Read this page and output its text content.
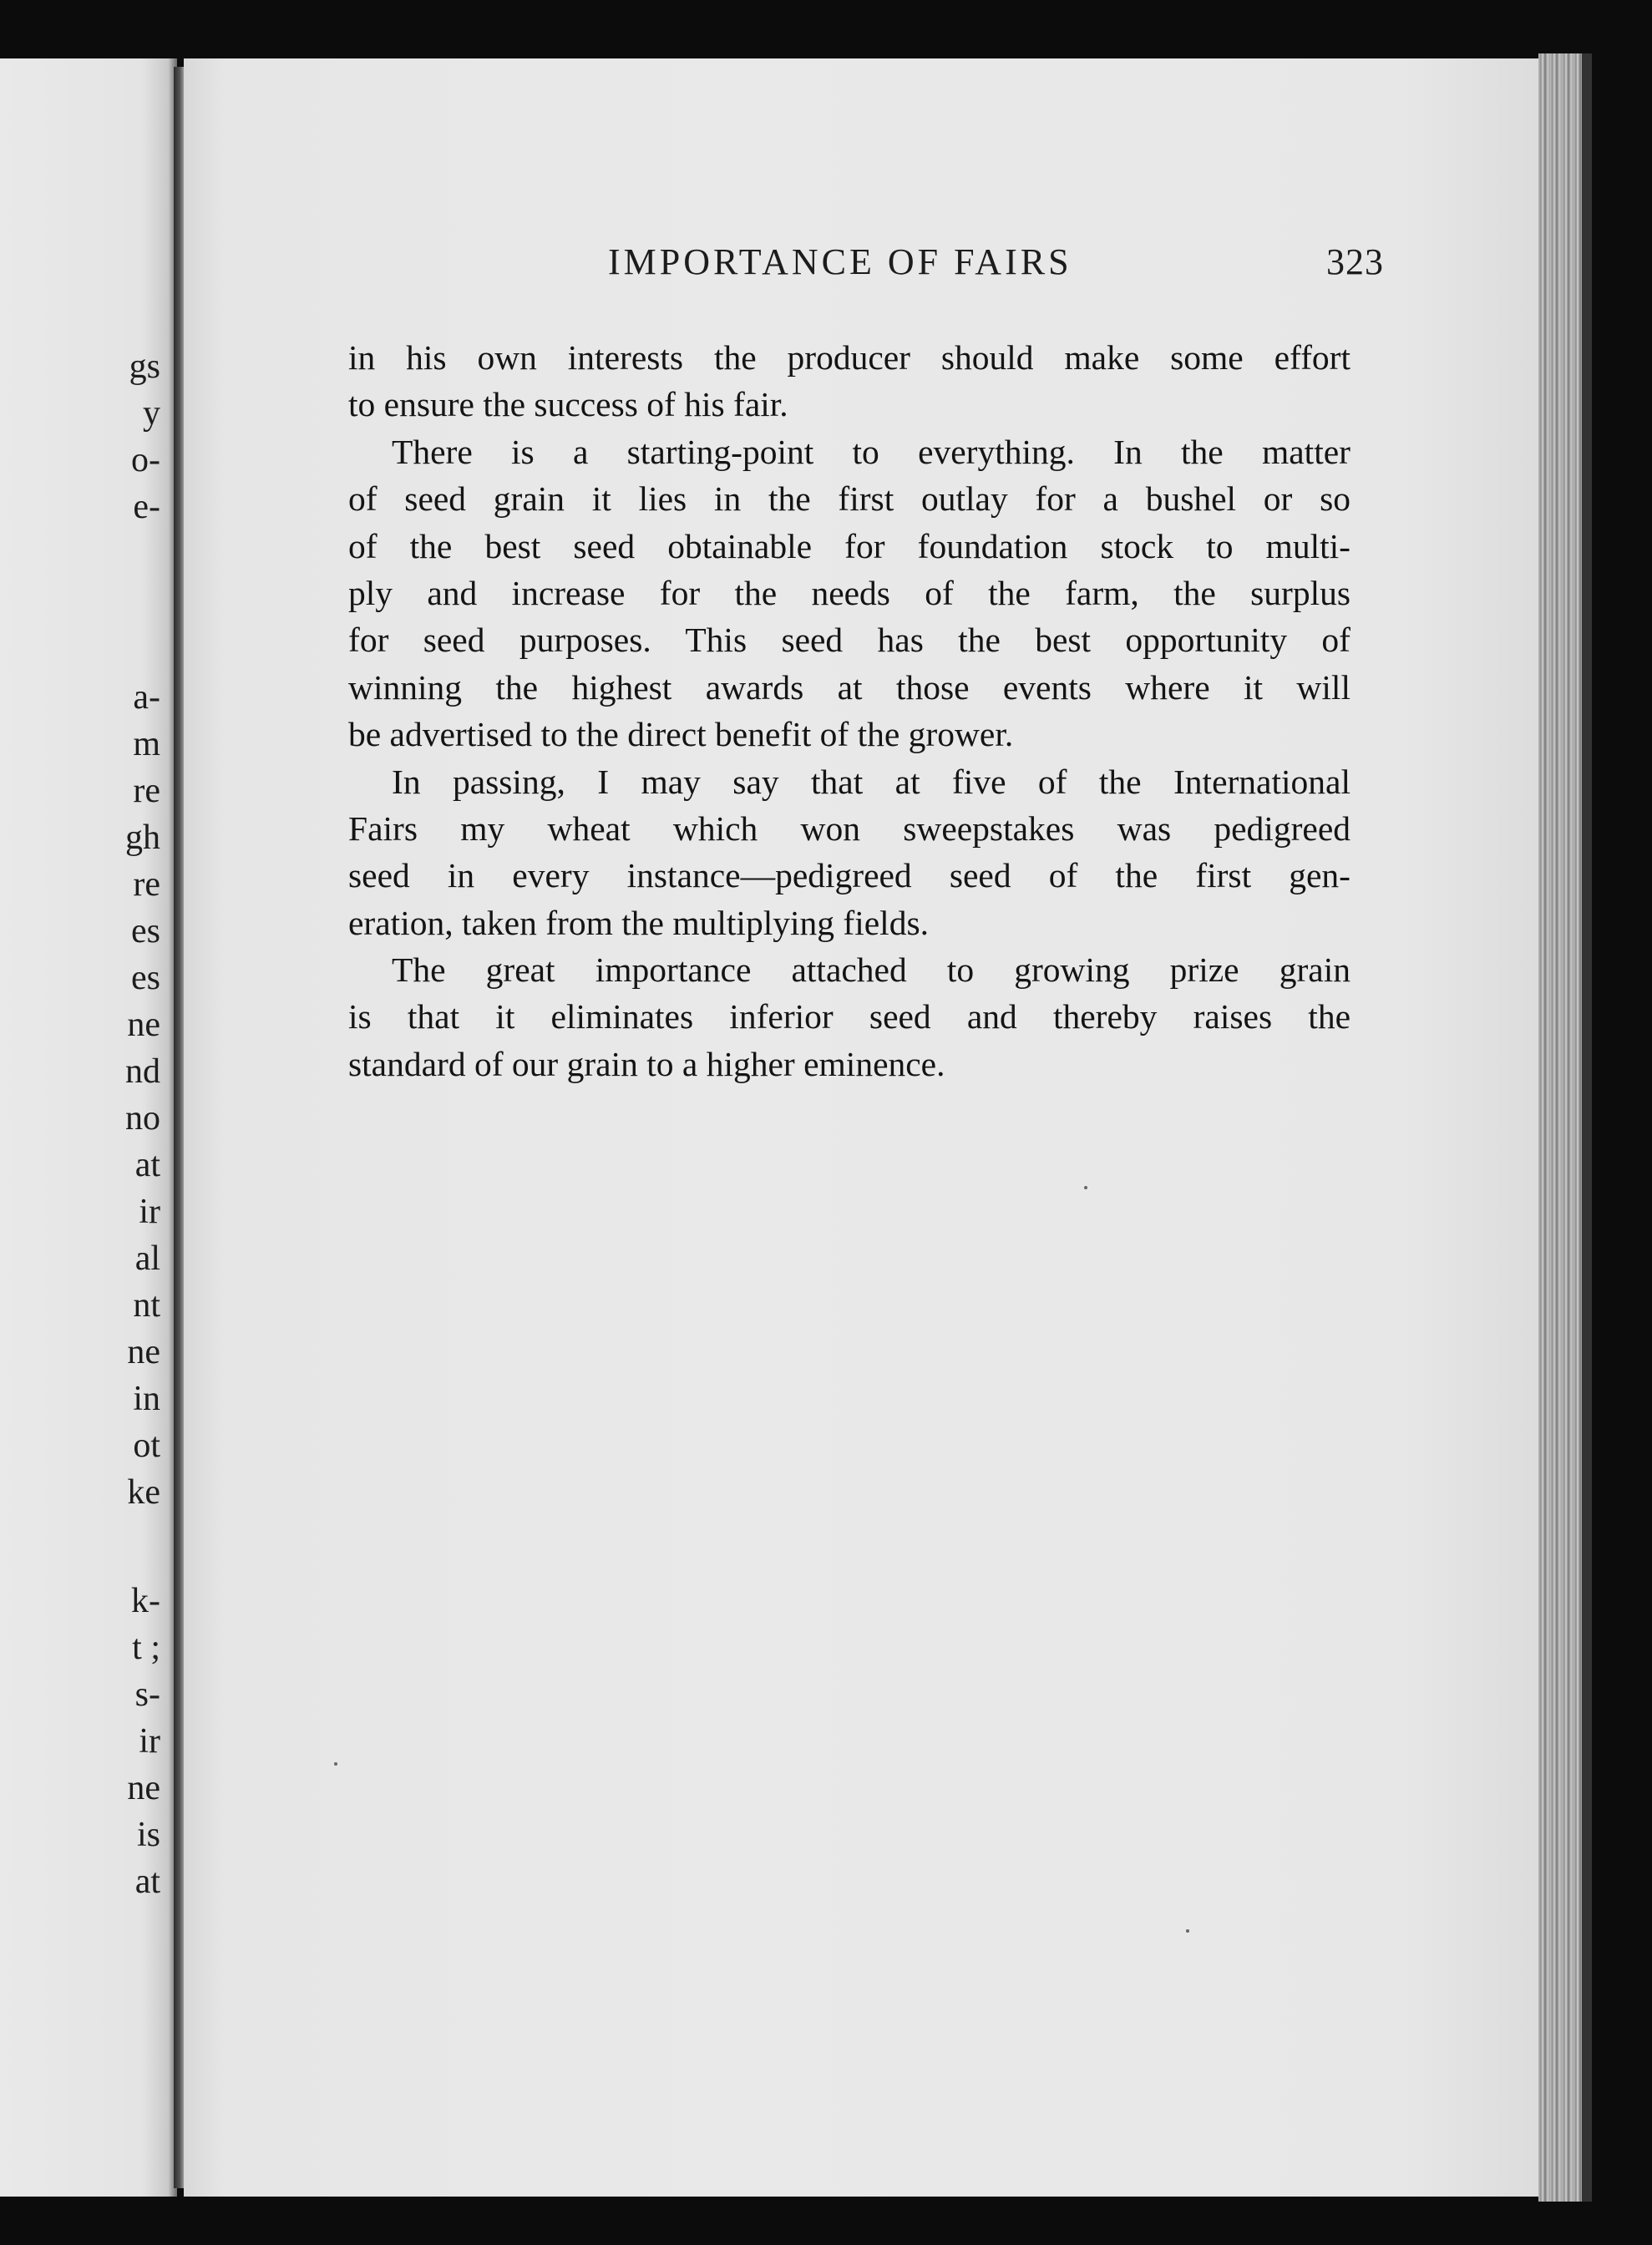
gs
y
o-
e-
a-
m
re
gh
re
es
es
ne
nd
no
at
ir
al
nt
ne
in
ot
ke
k-
t ;
s-
ir
ne
is
at
IMPORTANCE OF FAIRS	323
in his own interests the producer should make some effort
to ensure the success of his fair.
There is a starting-point to everything. In the matter
of seed grain it lies in the first outlay for a bushel or so
of the best seed obtainable for foundation stock to multi-
ply and increase for the needs of the farm, the surplus
for seed purposes. This seed has the best opportunity of
winning the highest awards at those events where it will
be advertised to the direct benefit of the grower.
In passing, I may say that at five of the International
Fairs my wheat which won sweepstakes was pedigreed
seed in every instance—pedigreed seed of the first gen-
eration, taken from the multiplying fields.
The great importance attached to growing prize grain
is that it eliminates inferior seed and thereby raises the
standard of our grain to a higher eminence.
